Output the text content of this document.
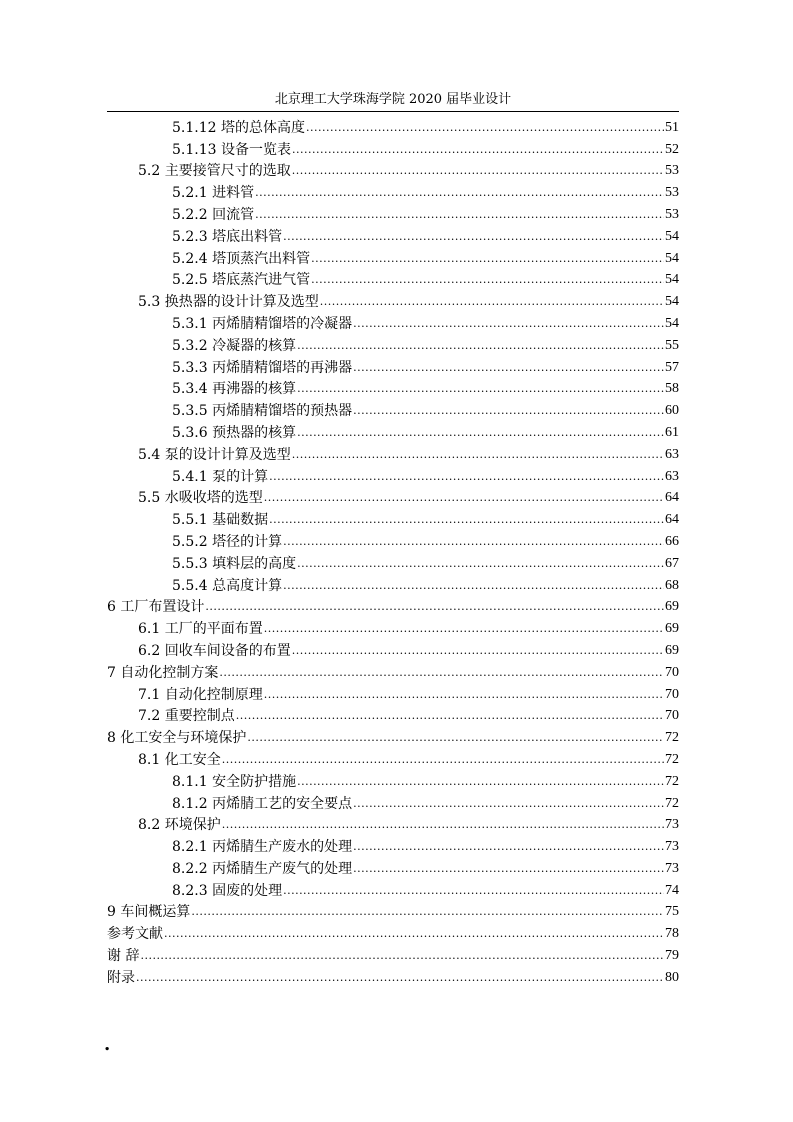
北京理工大学珠海学院 2020 届毕业设计
5.1.12 塔的总体高度 .....	51
5.1.13 设备一览表 .....	52
5.2 主要接管尺寸的选取 .....	53
5.2.1 进料管 .....	53
5.2.2 回流管 .....	53
5.2.3 塔底出料管 .....	54
5.2.4 塔顶蒸汽出料管 .....	54
5.2.5 塔底蒸汽进气管 .....	54
5.3 换热器的设计计算及选型 .....	54
5.3.1 丙烯腈精馏塔的冷凝器 .....	54
5.3.2 冷凝器的核算 .....	55
5.3.3 丙烯腈精馏塔的再沸器 .....	57
5.3.4 再沸器的核算 .....	58
5.3.5 丙烯腈精馏塔的预热器 .....	60
5.3.6 预热器的核算 .....	61
5.4 泵的设计计算及选型 .....	63
5.4.1 泵的计算 .....	63
5.5 水吸收塔的选型 .....	64
5.5.1 基础数据 .....	64
5.5.2 塔径的计算 .....	66
5.5.3 填料层的高度 .....	67
5.5.4 总高度计算 .....	68
6 工厂布置设计 .....	69
6.1 工厂的平面布置 .....	69
6.2 回收车间设备的布置 .....	69
7 自动化控制方案 .....	70
7.1 自动化控制原理 .....	70
7.2 重要控制点 .....	70
8 化工安全与环境保护 .....	72
8.1 化工安全 .....	72
8.1.1 安全防护措施 .....	72
8.1.2 丙烯腈工艺的安全要点 .....	72
8.2 环境保护 .....	73
8.2.1 丙烯腈生产废水的处理 .....	73
8.2.2 丙烯腈生产废气的处理 .....	73
8.2.3 固废的处理 .....	74
9 车间概运算 .....	75
参考文献 .....	78
谢 辞 .....	79
附录 .....	80
.
